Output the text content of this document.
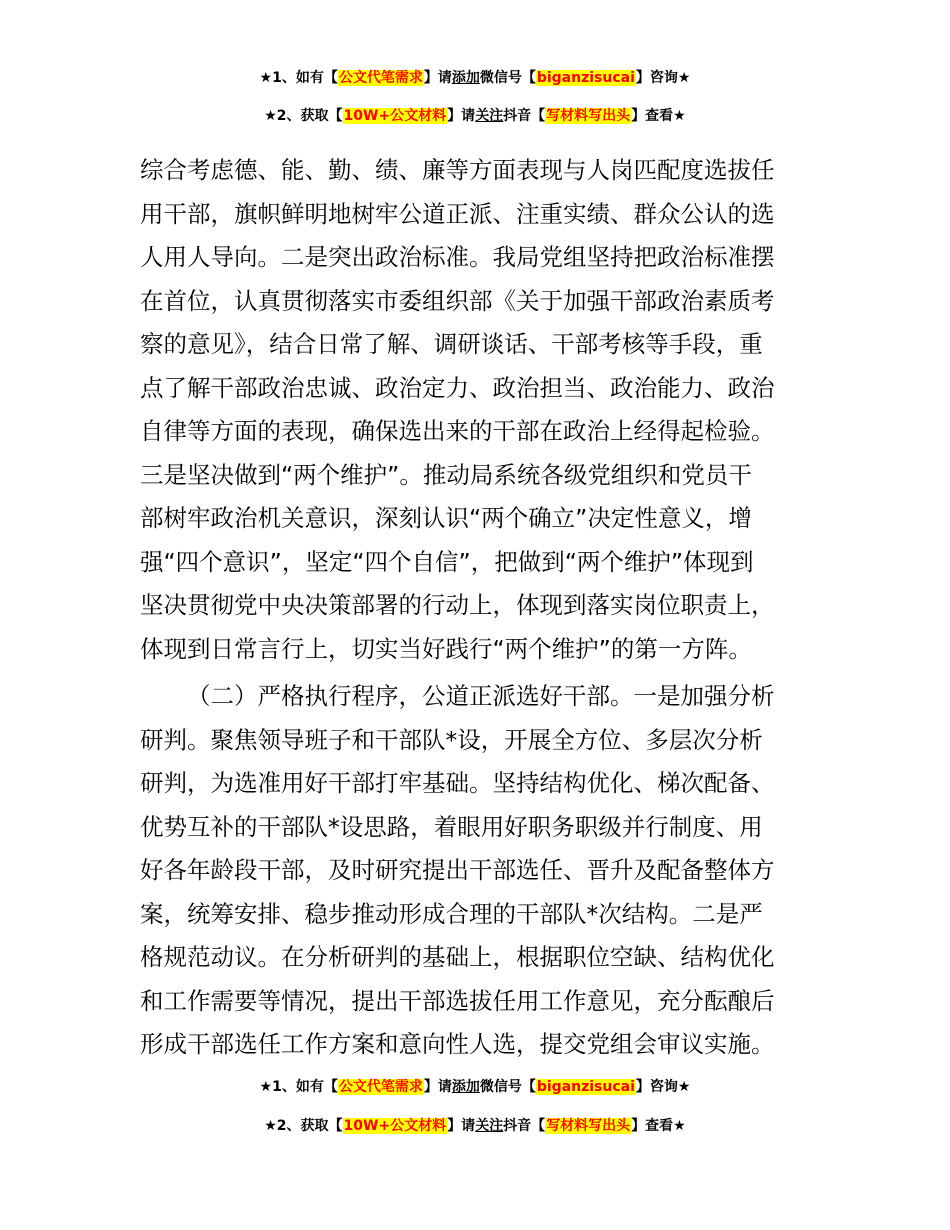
★1、如有【公文代笔需求】请添加微信号【biganzisucai】咨询★
★2、获取【10W+公文材料】请关注抖音【写材料写出头】查看★
综合考虑德、能、勤、绩、廉等方面表现与人岗匹配度选拔任
用干部，旗帜鲜明地树牢公道正派、注重实绩、群众公认的选
人用人导向。二是突出政治标准。我局党组坚持把政治标准摆
在首位，认真贯彻落实市委组织部《关于加强干部政治素质考
察的意见》，结合日常了解、调研谈话、干部考核等手段，重
点了解干部政治忠诚、政治定力、政治担当、政治能力、政治
自律等方面的表现，确保选出来的干部在政治上经得起检验。
三是坚决做到“两个维护”。推动局系统各级党组织和党员干
部树牢政治机关意识，深刻认识“两个确立”决定性意义，增
强“四个意识”，坚定“四个自信”，把做到“两个维护”体现到
坚决贯彻党中央决策部署的行动上，体现到落实岗位职责上，
体现到日常言行上，切实当好践行“两个维护”的第一方阵。
（二）严格执行程序，公道正派选好干部。一是加强分析
研判。聚焦领导班子和干部队*设，开展全方位、多层次分析
研判，为选准用好干部打牢基础。坚持结构优化、梯次配备、
优势互补的干部队*设思路，着眼用好职务职级并行制度、用
好各年龄段干部，及时研究提出干部选任、晋升及配备整体方
案，统筹安排、稳步推动形成合理的干部队*次结构。二是严
格规范动议。在分析研判的基础上，根据职位空缺、结构优化
和工作需要等情况，提出干部选拔任用工作意见，充分酝酿后
形成干部选任工作方案和意向性人选，提交党组会审议实施。
★1、如有【公文代笔需求】请添加微信号【biganzisucai】咨询★
★2、获取【10W+公文材料】请关注抖音【写材料写出头】查看★
